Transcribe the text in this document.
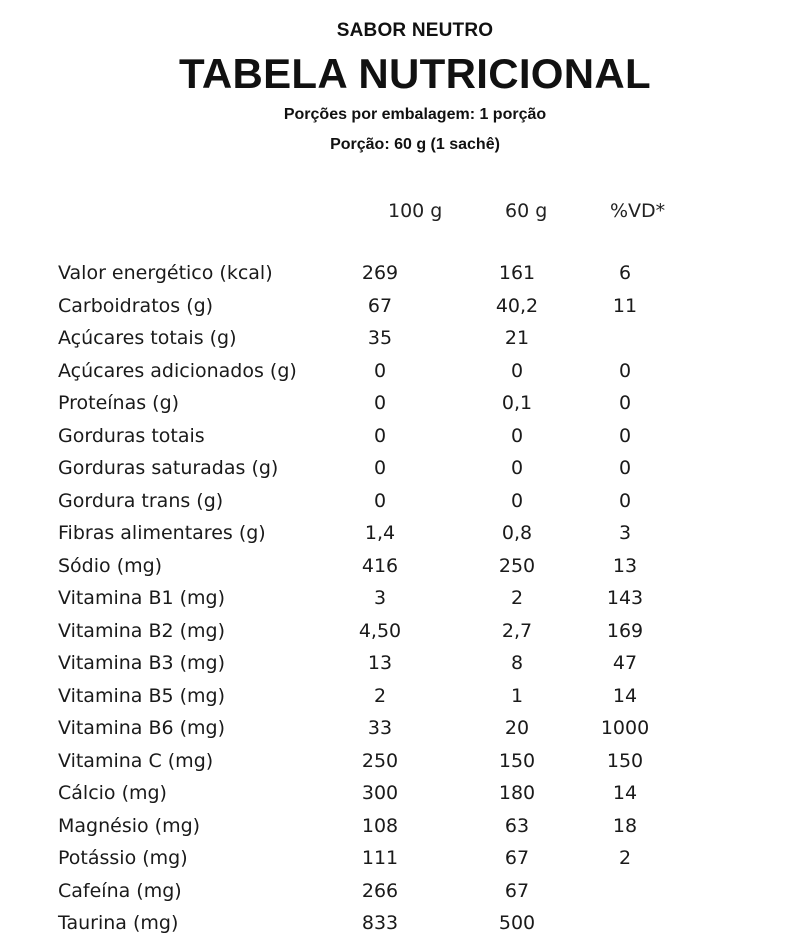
SABOR NEUTRO
TABELA NUTRICIONAL
Porções por embalagem: 1 porção
Porção: 60 g (1 sachê)
100 g	60 g	%VD*
Valor energético (kcal)	269	161	6
Carboidratos (g)	67	40,2	11
Açúcares totais (g)	35	21
Açúcares adicionados (g)	0	0	0
Proteínas (g)	0	0,1	0
Gorduras totais	0	0	0
Gorduras saturadas (g)	0	0	0
Gordura trans (g)	0	0	0
Fibras alimentares (g)	1,4	0,8	3
Sódio (mg)	416	250	13
Vitamina B1 (mg)	3	2	143
Vitamina B2 (mg)	4,50	2,7	169
Vitamina B3 (mg)	13	8	47
Vitamina B5 (mg)	2	1	14
Vitamina B6 (mg)	33	20	1000
Vitamina C (mg)	250	150	150
Cálcio (mg)	300	180	14
Magnésio (mg)	108	63	18
Potássio (mg)	111	67	2
Cafeína (mg)	266	67
Taurina (mg)	833	500
